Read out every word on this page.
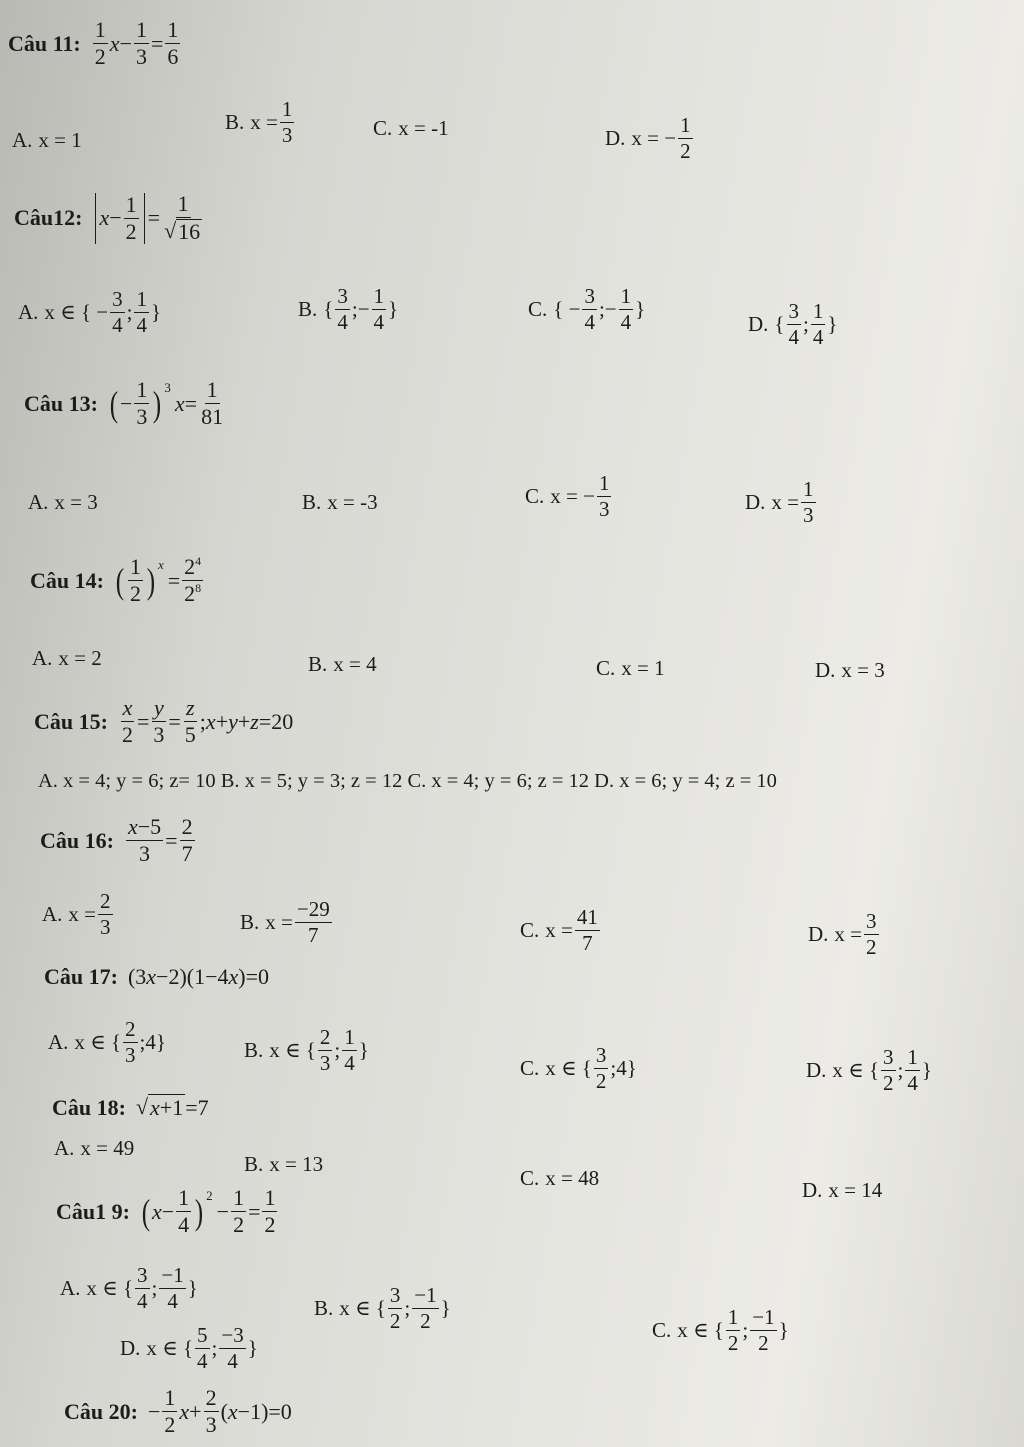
Câu 11: $\frac{1}{2}$ $x - \frac{1}{3} = \frac{1}{6}$
A. x = 1
B. $x = \frac{1}{3}$	C. x = -1	D. x = − $\frac{1}{2}$
Câu12: $x - \frac{1}{2} = \frac{1}{√ 16}$
A. x ∈ { − $\frac{3}{4}$ ; $\frac{1}{4}$ }	B. { $\frac{3}{4}$ ;− $\frac{1}{4}$ }	C. { − $\frac{3}{4}$ ;− $\frac{1}{4}$ }
D. { $\frac{3}{4}$ ; $\frac{1}{4}$ }
Câu 13: ( − $\frac{1}{3}$ ) 3
$x = \frac{1}{81}$
A. x = 3	B. x = -3	C. x = − $\frac{1}{3}$	D. $x = \frac{1}{3}$
Câu 14: ( $\frac{1}{2}$ ) x
= $\frac{2^4}{2^8}$
A. x = 2	B. x = 4	C. x = 1	D. x = 3
Câu 15: $\frac{x}{2} = \frac{y}{3} = \frac{z}{5}$ ; x + y + z =20
A. x = 4; y = 6; z= 10 B. x = 5; y = 3; z = 12 C. x = 4; y = 6; z = 12 D. x = 6; y = 4; z = 10
Câu 16: $\frac{x-5}{3} = \frac{2}{7}$
A. $x = \frac{2}{3}$	B. $x = \frac{-29}{7}$	C. $x = \frac{41}{7}$	D. $x = \frac{3}{2}$
Câu 17: (3 x −2)(1−4 x )=0
A. x ∈ { $\frac{2}{3}$ ;4}	B. x ∈ { $\frac{2}{3}$ ; $\frac{1}{4}$ }
C. x ∈ { $\frac{3}{2}$ ;4}	D. x ∈ { $\frac{3}{2}$ ; $\frac{1}{4}$ }
Câu 18: √ x+1 =7
A. x = 49
B. x = 13
C. x = 48	D. x = 14
Câu1 9: ( $x - \frac{1}{4}$ ) 2
− $\frac{1}{2} = \frac{1}{2}$
A. x ∈ { $\frac{3}{4}$ ; $\frac{-1}{4}$ }
B. x ∈ { $\frac{3}{2}$ ; $\frac{-1}{2}$ }
C. x ∈ { $\frac{1}{2}$ ; $\frac{-1}{2}$ }
D. x ∈ { $\frac{5}{4}$ ; $\frac{-3}{4}$ }
Câu 20: − $\frac{1}{2}$ $x + \frac{2}{3}$ ( x −1)=0
